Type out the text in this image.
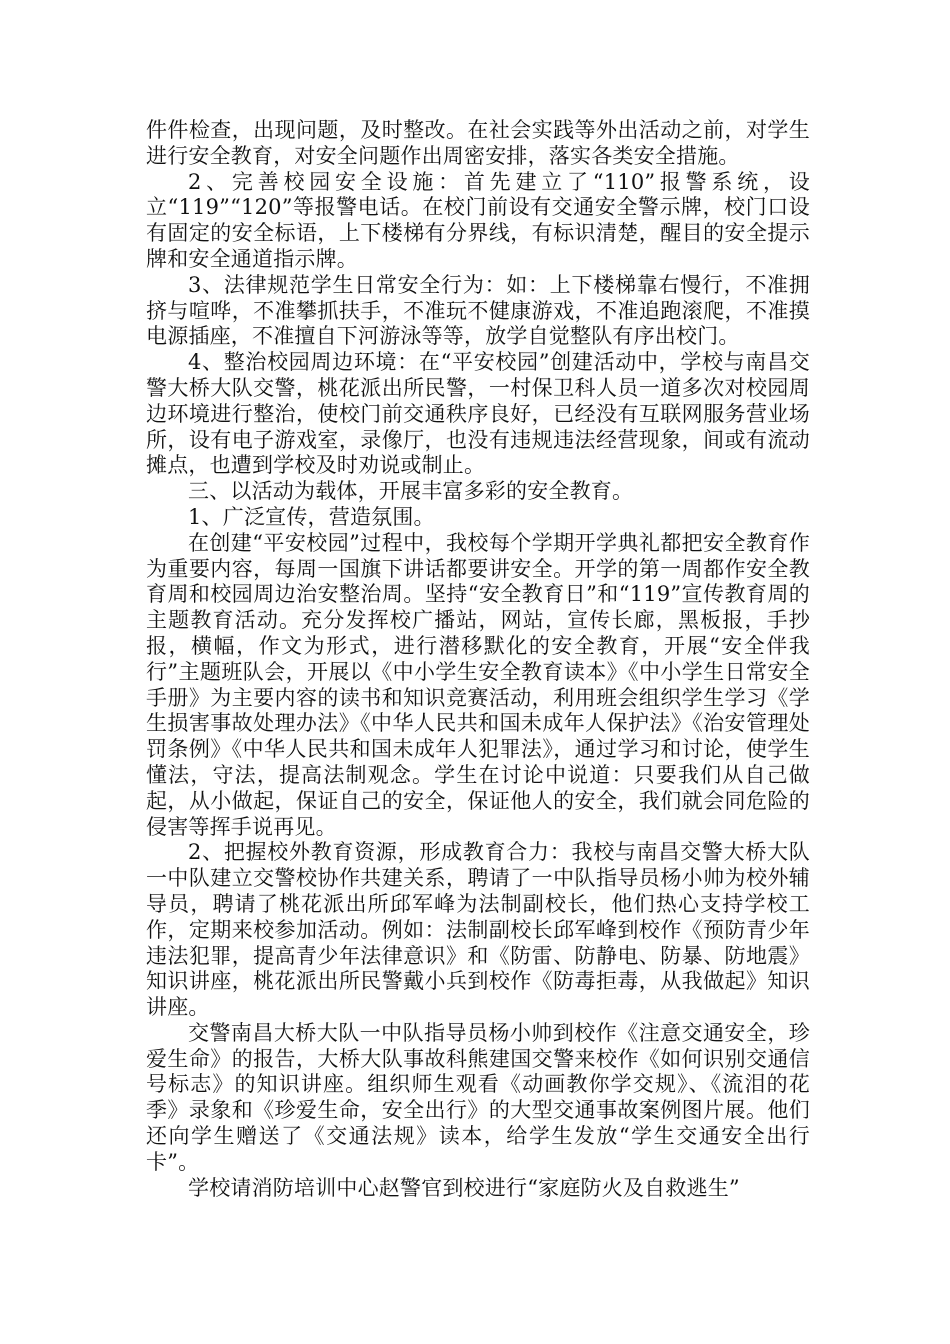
件件检查，出现问题，及时整改。在社会实践等外出活动之前，对学生进行安全教育，对安全问题作出周密安排，落实各类安全措施。

2、完善校园安全设施：首先建立了“110”报警系统，设立“119”“120”等报警电话。在校门前设有交通安全警示牌，校门口设有固定的安全标语，上下楼梯有分界线，有标识清楚，醒目的安全提示牌和安全通道指示牌。

3、法律规范学生日常安全行为：如：上下楼梯靠右慢行，不准拥挤与喧哗，不准攀抓扶手，不准玩不健康游戏，不准追跑滚爬，不准摸电源插座，不准擅自下河游泳等等，放学自觉整队有序出校门。

4、整治校园周边环境：在“平安校园”创建活动中，学校与南昌交警大桥大队交警，桃花派出所民警，一村保卫科人员一道多次对校园周边环境进行整治，使校门前交通秩序良好，已经没有互联网服务营业场所，设有电子游戏室，录像厅，也没有违规违法经营现象，间或有流动摊点，也遭到学校及时劝说或制止。

三、以活动为载体，开展丰富多彩的安全教育。

1、广泛宣传，营造氛围。

在创建“平安校园”过程中，我校每个学期开学典礼都把安全教育作为重要内容，每周一国旗下讲话都要讲安全。开学的第一周都作安全教育周和校园周边治安整治周。坚持“安全教育日”和“119”宣传教育周的主题教育活动。充分发挥校广播站，网站，宣传长廊，黑板报，手抄报，横幅，作文为形式，进行潜移默化的安全教育，开展“安全伴我行”主题班队会，开展以《中小学生安全教育读本》《中小学生日常安全手册》为主要内容的读书和知识竞赛活动，利用班会组织学生学习《学生损害事故处理办法》《中华人民共和国未成年人保护法》《治安管理处罚条例》《中华人民共和国未成年人犯罪法》，通过学习和讨论，使学生懂法，守法，提高法制观念。学生在讨论中说道：只要我们从自己做起，从小做起，保证自己的安全，保证他人的安全，我们就会同危险的侵害等挥手说再见。

2、把握校外教育资源，形成教育合力：我校与南昌交警大桥大队一中队建立交警校协作共建关系，聘请了一中队指导员杨小帅为校外辅导员，聘请了桃花派出所邱军峰为法制副校长，他们热心支持学校工作，定期来校参加活动。例如：法制副校长邱军峰到校作《预防青少年违法犯罪，提高青少年法律意识》和《防雷、防静电、防暴、防地震》知识讲座，桃花派出所民警戴小兵到校作《防毒拒毒，从我做起》知识讲座。

交警南昌大桥大队一中队指导员杨小帅到校作《注意交通安全，珍爱生命》的报告，大桥大队事故科熊建国交警来校作《如何识别交通信号标志》的知识讲座。组织师生观看《动画教你学交规》、《流泪的花季》录象和《珍爱生命，安全出行》的大型交通事故案例图片展。他们还向学生赠送了《交通法规》读本，给学生发放“学生交通安全出行卡”。

学校请消防培训中心赵警官到校进行“家庭防火及自救逃生”
